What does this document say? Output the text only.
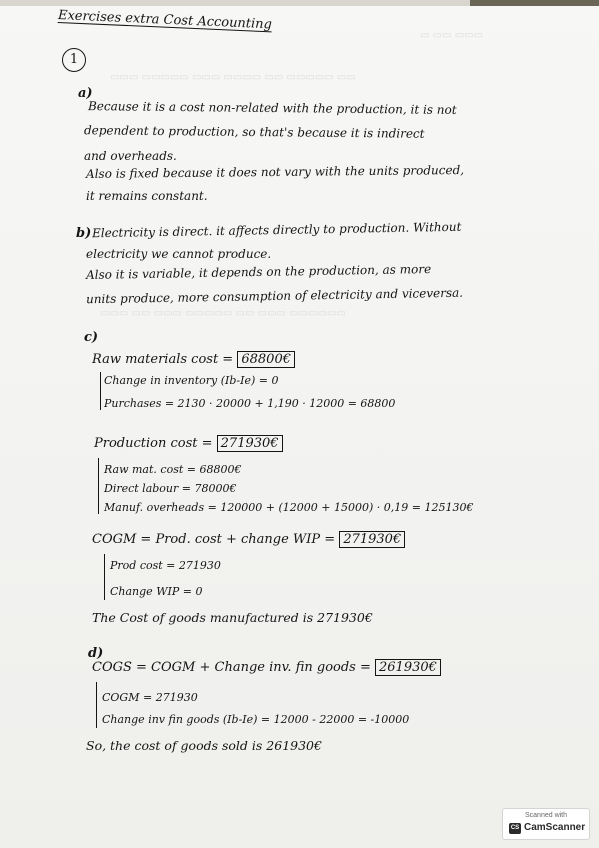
▭ ▭▭ ▭▭▭
▭▭▭ ▭▭▭▭▭ ▭▭▭ ▭▭▭▭ ▭▭ ▭▭▭▭▭ ▭▭
▭▭▭ ▭▭ ▭▭▭ ▭▭▭▭▭ ▭▭ ▭▭▭ ▭▭▭▭▭▭
Exercises extra Cost Accounting
1
a)
Because it is a cost non-related with the production, it is not
dependent to production, so that's because it is indirect
and overheads.
Also is fixed because it does not vary with the units produced,
it remains constant.
b) Electricity is direct. it affects directly to production. Without
electricity we cannot produce.
Also it is variable, it depends on the production, as more
units produce, more consumption of electricity and viceversa.
c)
Raw materials cost = 68800€
Change in inventory (Ib-Ie) = 0
Purchases = 2130 · 20000 + 1,190 · 12000 = 68800
Production cost = 271930€
Raw mat. cost = 68800€
Direct labour = 78000€
Manuf. overheads = 120000 + (12000 + 15000) · 0,19 = 125130€
COGM = Prod. cost + change WIP = 271930€
Prod cost = 271930
Change WIP = 0
The Cost of goods manufactured is 271930€
d)
COGS = COGM + Change inv. fin goods = 261930€
COGM = 271930
Change inv fin goods (Ib-Ie) = 12000 - 22000 = -10000
So, the cost of goods sold is 261930€
Scanned with
CS CamScanner
